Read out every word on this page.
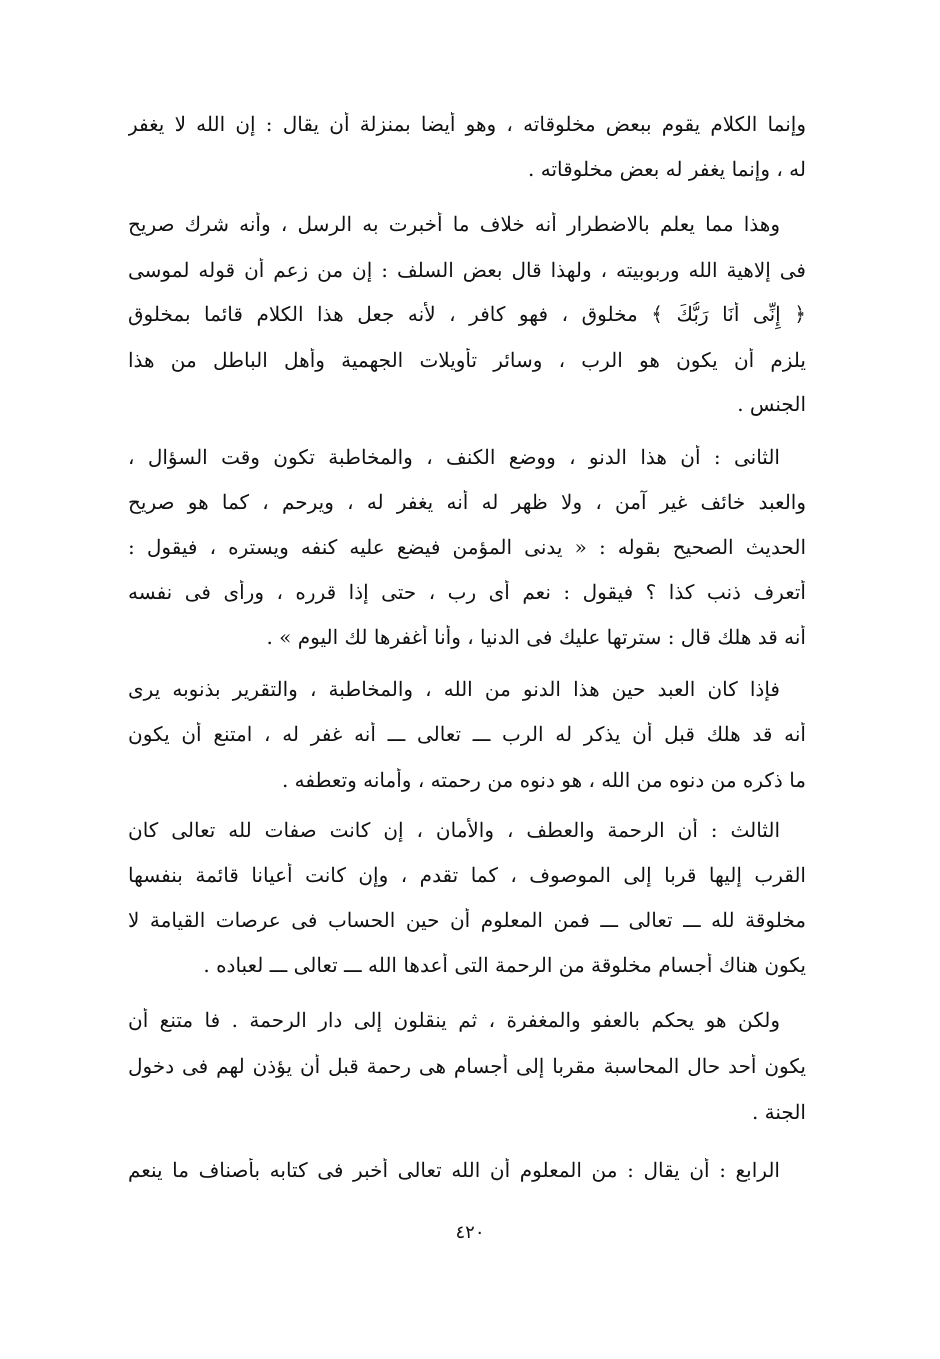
وإنما الكلام يقوم ببعض مخلوقاته ، وهو أيضا بمنزلة أن يقال : إن الله لا يغفر
له ، وإنما يغفر له بعض مخلوقاته .
وهذا مما يعلم بالاضطرار أنه خلاف ما أخبرت به الرسل ، وأنه شرك صريح
فى إلاهية الله وربوبيته ، ولهذا قال بعض السلف : إن من زعم أن قوله لموسى
﴿ إِنِّى أَنَا رَبُّكَ ﴾ مخلوق ، فهو كافر ، لأنه جعل هذا الكلام قائما بمخلوق
يلزم أن يكون هو الرب ، وسائر تأويلات الجهمية وأهل الباطل من هذا
الجنس .
الثانى : أن هذا الدنو ، ووضع الكنف ، والمخاطبة تكون وقت السؤال ،
والعبد خائف غير آمن ، ولا ظهر له أنه يغفر له ، ويرحم ، كما هو صريح
الحديث الصحيح بقوله : « يدنى المؤمن فيضع عليه كنفه ويستره ، فيقول :
أتعرف ذنب كذا ؟ فيقول : نعم أى رب ، حتى إذا قرره ، ورأى فى نفسه
أنه قد هلك قال : سترتها عليك فى الدنيا ، وأنا أغفرها لك اليوم » .
فإذا كان العبد حين هذا الدنو من الله ، والمخاطبة ، والتقرير بذنوبه يرى
أنه قد هلك قبل أن يذكر له الرب ـــ تعالى ـــ أنه غفر له ، امتنع أن يكون
ما ذكره من دنوه من الله ، هو دنوه من رحمته ، وأمانه وتعطفه .
الثالث : أن الرحمة والعطف ، والأمان ، إن كانت صفات لله تعالى كان
القرب إليها قربا إلى الموصوف ، كما تقدم ، وإن كانت أعيانا قائمة بنفسها
مخلوقة لله ـــ تعالى ـــ فمن المعلوم أن حين الحساب فى عرصات القيامة لا
يكون هناك أجسام مخلوقة من الرحمة التى أعدها الله ـــ تعالى ـــ لعباده .
ولكن هو يحكم بالعفو والمغفرة ، ثم ينقلون إلى دار الرحمة . فا متنع أن
يكون أحد حال المحاسبة مقربا إلى أجسام هى رحمة قبل أن يؤذن لهم فى دخول
الجنة .
الرابع : أن يقال : من المعلوم أن الله تعالى أخبر فى كتابه بأصناف ما ينعم
٤٢٠
